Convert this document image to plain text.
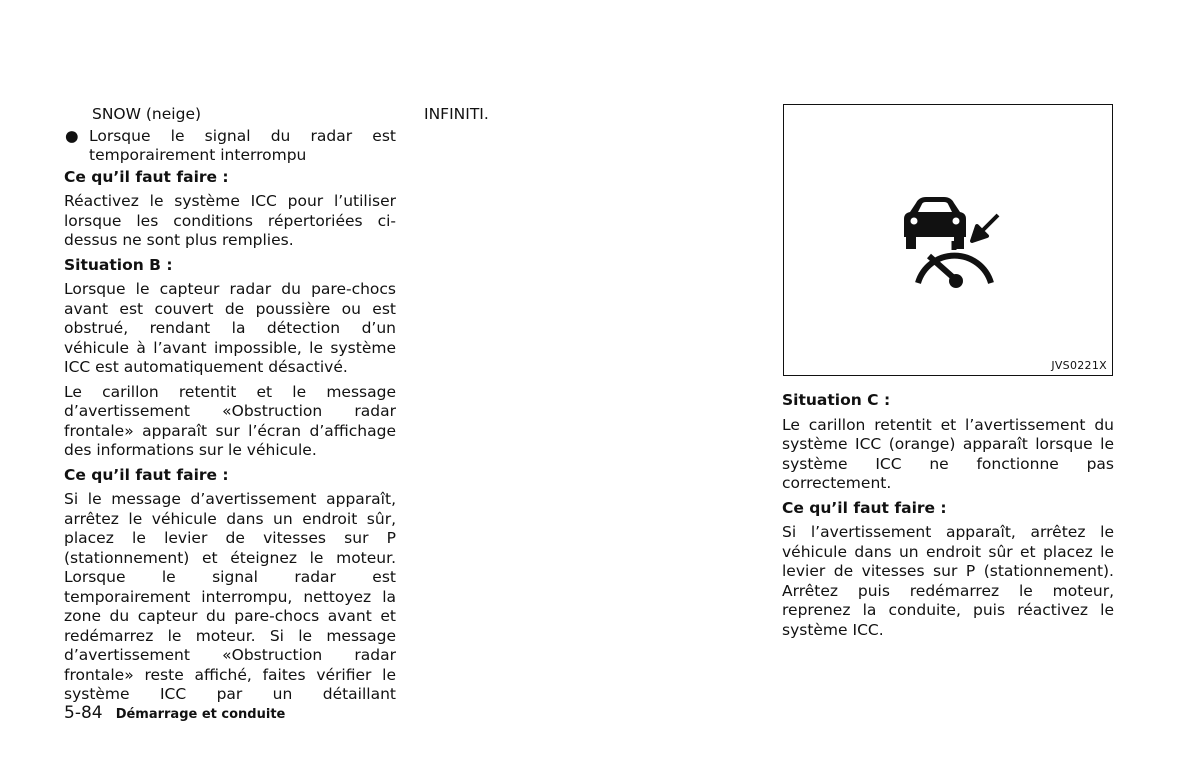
SNOW (neige)

● Lorsque le signal du radar est temporairement interrompu

Ce qu’il faut faire :

Réactivez le système ICC pour l’utiliser lorsque les conditions répertoriées ci-dessus ne sont plus remplies.

Situation B :

Lorsque le capteur radar du pare-chocs avant est couvert de poussière ou est obstrué, rendant la détection d’un véhicule à l’avant impossible, le système ICC est automatiquement désactivé.

Le carillon retentit et le message d’avertissement «Obstruction radar frontale» apparaît sur l’écran d’affichage des informations sur le véhicule.

Ce qu’il faut faire :

Si le message d’avertissement apparaît, arrêtez le véhicule dans un endroit sûr, placez le levier de vitesses sur P (stationnement) et éteignez le moteur. Lorsque le signal radar est temporairement interrompu, nettoyez la zone du capteur du pare-chocs avant et redémarrez le moteur. Si le message d’avertissement «Obstruction radar frontale» reste affiché, faites vérifier le système ICC par un détaillant

INFINITI.

JVS0221X
Situation C :

Le carillon retentit et l’avertissement du système ICC (orange) apparaît lorsque le système ICC ne fonctionne pas correctement.

Ce qu’il faut faire :

Si l’avertissement apparaît, arrêtez le véhicule dans un endroit sûr et placez le levier de vitesses sur P (stationnement). Arrêtez puis redémarrez le moteur, reprenez la conduite, puis réactivez le système ICC.

5-84 Démarrage et conduite
